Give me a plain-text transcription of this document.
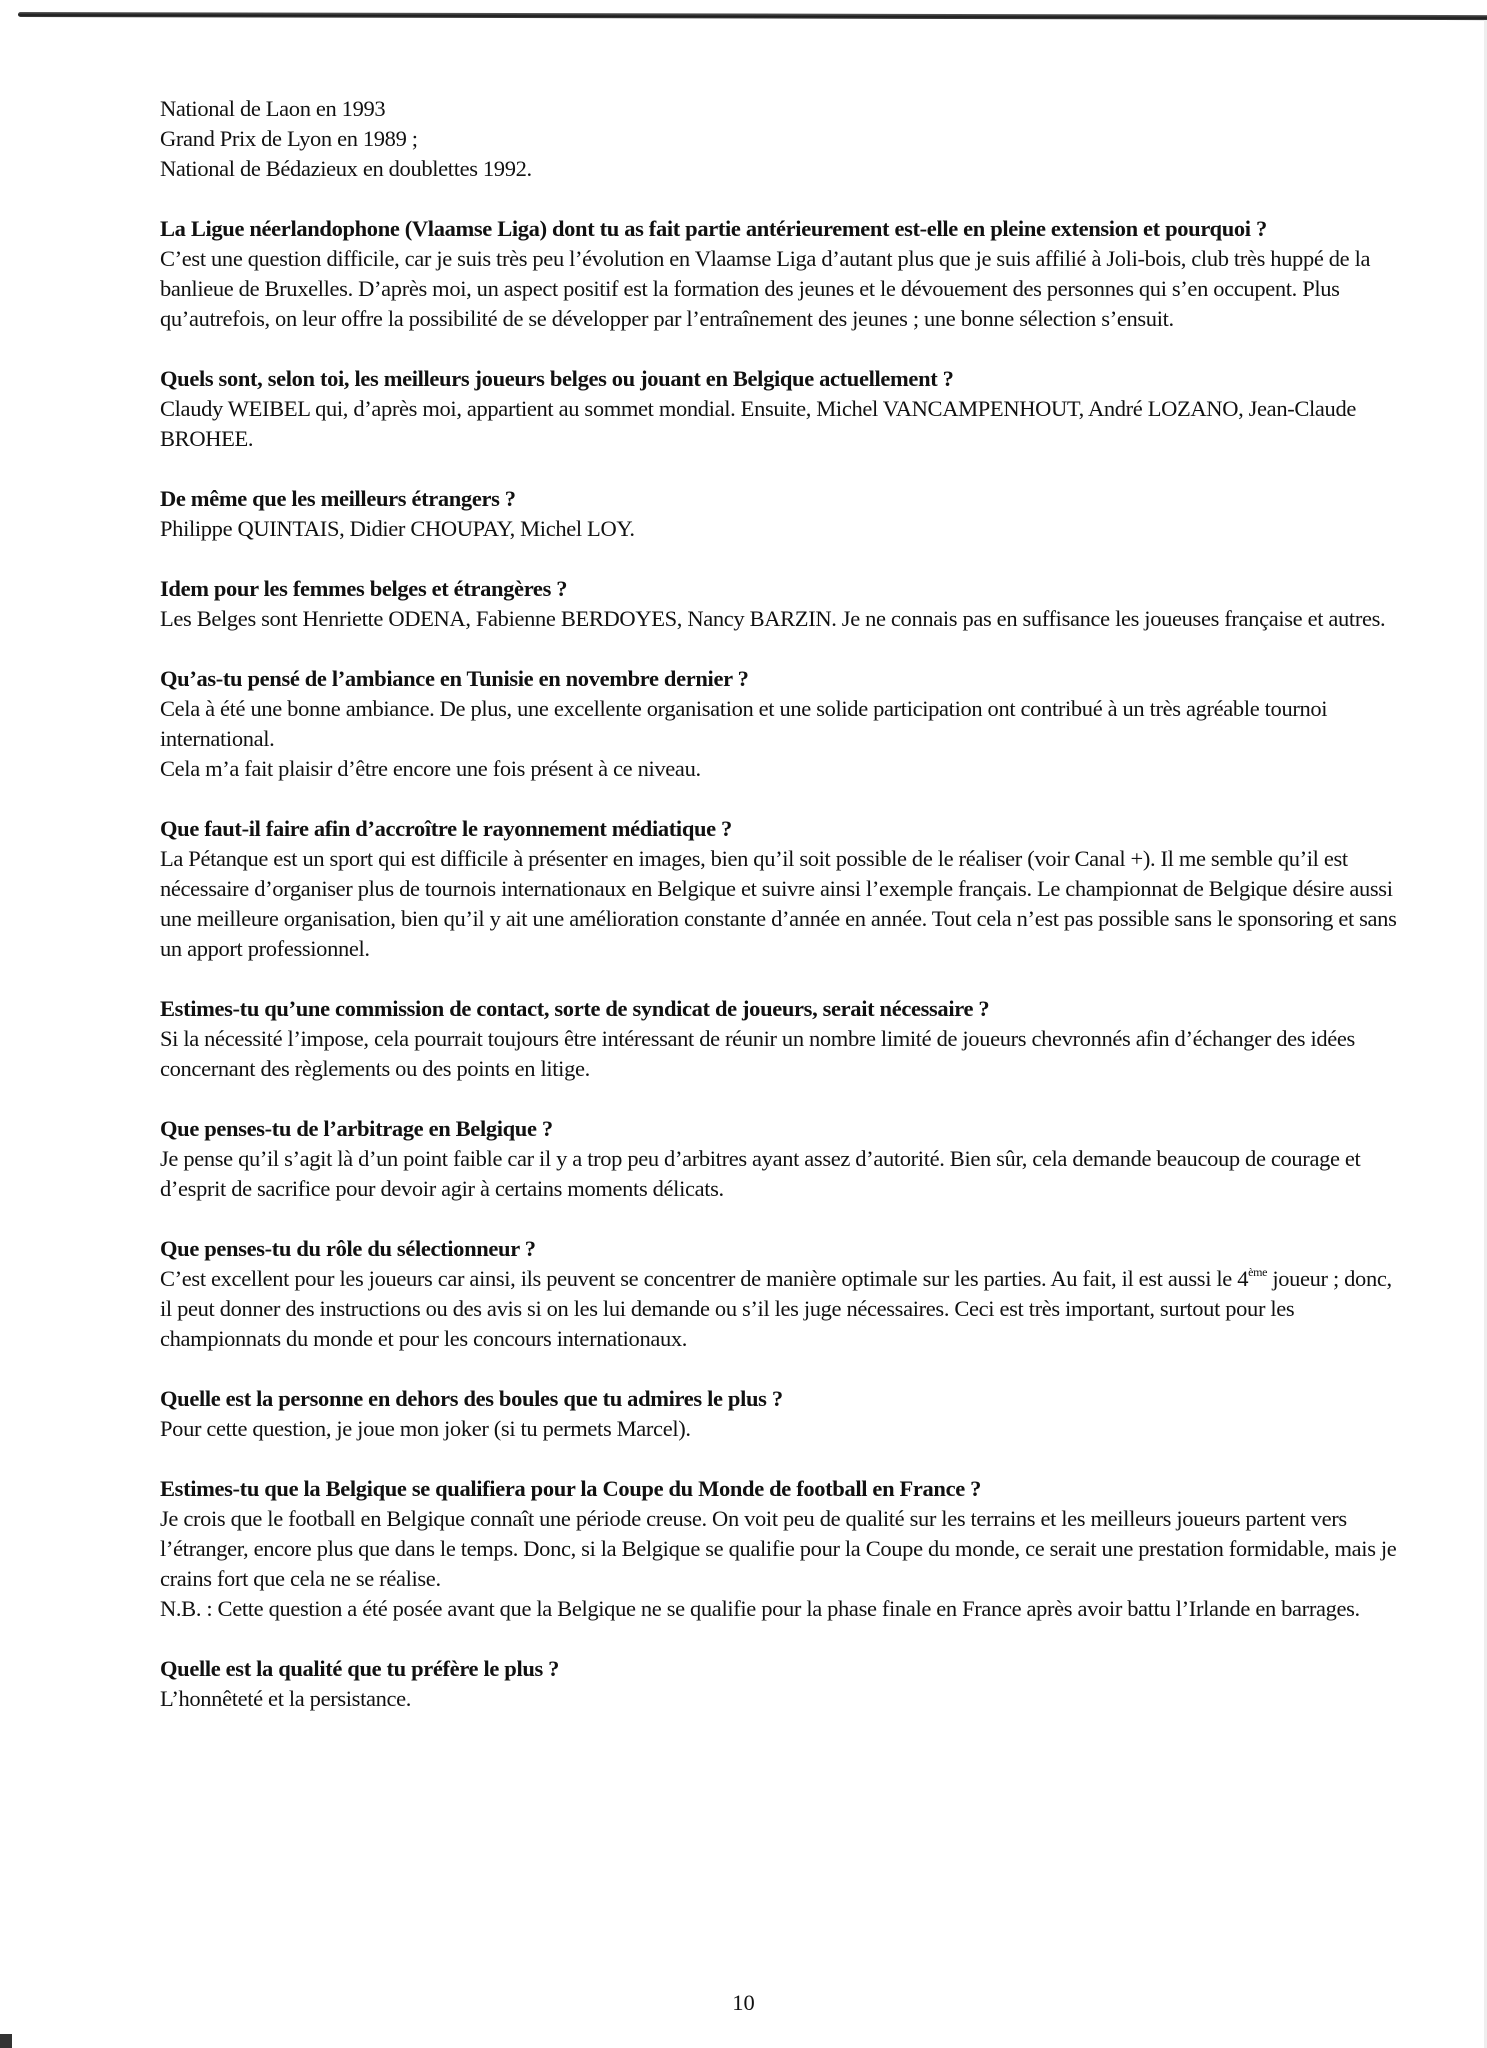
National de Laon en 1993

Grand Prix de Lyon en 1989 ;

National de Bédazieux en doublettes 1992.

La Ligue néerlandophone (Vlaamse Liga) dont tu as fait partie antérieurement est-elle en pleine extension et pourquoi ?

C’est une question difficile, car je suis très peu l’évolution en Vlaamse Liga d’autant plus que je suis affilié à Joli-bois, club très huppé de la banlieue de Bruxelles. D’après moi, un aspect positif est la formation des jeunes et le dévouement des personnes qui s’en occupent. Plus qu’autrefois, on leur offre la possibilité de se développer par l’entraînement des jeunes ; une bonne sélection s’ensuit.

Quels sont, selon toi, les meilleurs joueurs belges ou jouant en Belgique actuellement ?

Claudy WEIBEL qui, d’après moi, appartient au sommet mondial. Ensuite, Michel VANCAMPENHOUT, André LOZANO, Jean-Claude BROHEE.

De même que les meilleurs étrangers ?

Philippe QUINTAIS, Didier CHOUPAY, Michel LOY.

Idem pour les femmes belges et étrangères ?

Les Belges sont Henriette ODENA, Fabienne BERDOYES, Nancy BARZIN. Je ne connais pas en suffisance les joueuses française et autres.

Qu’as-tu pensé de l’ambiance en Tunisie en novembre dernier ?

Cela à été une bonne ambiance. De plus, une excellente organisation et une solide participation ont contribué à un très agréable tournoi international.

Cela m’a fait plaisir d’être encore une fois présent à ce niveau.

Que faut-il faire afin d’accroître le rayonnement médiatique ?

La Pétanque est un sport qui est difficile à présenter en images, bien qu’il soit possible de le réaliser (voir Canal +). Il me semble qu’il est nécessaire d’organiser plus de tournois internationaux en Belgique et suivre ainsi l’exemple français. Le championnat de Belgique désire aussi une meilleure organisation, bien qu’il y ait une amélioration constante d’année en année. Tout cela n’est pas possible sans le sponsoring et sans un apport professionnel.

Estimes-tu qu’une commission de contact, sorte de syndicat de joueurs, serait nécessaire ?

Si la nécessité l’impose, cela pourrait toujours être intéressant de réunir un nombre limité de joueurs chevronnés afin d’échanger des idées concernant des règlements ou des points en litige.

Que penses-tu de l’arbitrage en Belgique ?

Je pense qu’il s’agit là d’un point faible car il y a trop peu d’arbitres ayant assez d’autorité. Bien sûr, cela demande beaucoup de courage et d’esprit de sacrifice pour devoir agir à certains moments délicats.

Que penses-tu du rôle du sélectionneur ?

C’est excellent pour les joueurs car ainsi, ils peuvent se concentrer de manière optimale sur les parties. Au fait, il est aussi le 4ème joueur ; donc, il peut donner des instructions ou des avis si on les lui demande ou s’il les juge nécessaires. Ceci est très important, surtout pour les championnats du monde et pour les concours internationaux.

Quelle est la personne en dehors des boules que tu admires le plus ?

Pour cette question, je joue mon joker (si tu permets Marcel).

Estimes-tu que la Belgique se qualifiera pour la Coupe du Monde de football en France ?

Je crois que le football en Belgique connaît une période creuse. On voit peu de qualité sur les terrains et les meilleurs joueurs partent vers l’étranger, encore plus que dans le temps. Donc, si la Belgique se qualifie pour la Coupe du monde, ce serait une prestation formidable, mais je crains fort que cela ne se réalise.

N.B. : Cette question a été posée avant que la Belgique ne se qualifie pour la phase finale en France après avoir battu l’Irlande en barrages.

Quelle est la qualité que tu préfère le plus ?

L’honnêteté et la persistance.

10
